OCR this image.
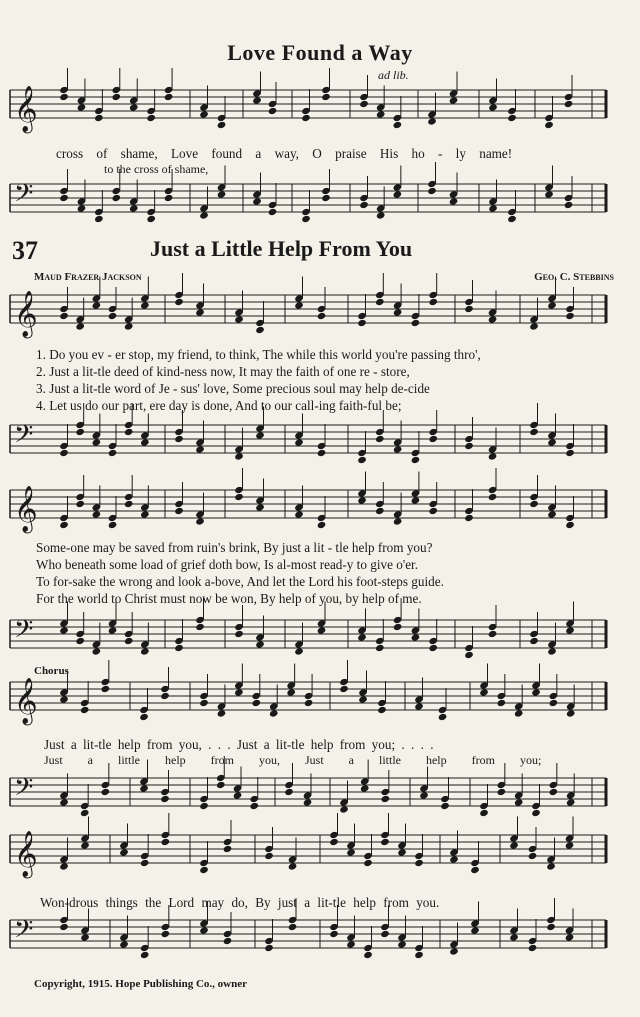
Love Found a Way
ad lib.
cross of shame, Love found a way, O praise His ho - ly name!
to the cross of shame,
37	Just a Little Help From You
Maud Frazer Jackson	Geo. C. Stebbins
1. Do you ev - er stop, my friend, to think, The while this world you're passing thro',
2. Just a lit-tle deed of kind-ness now, It may the faith of one re - store,
3. Just a lit-tle word of Je - sus' love, Some precious soul may help de-cide
4. Let us do our part, ere day is done, And to our call-ing faith-ful be;
Some-one may be saved from ruin's brink, By just a lit - tle help from you?
Who beneath some load of grief doth bow, Is al-most read-y to give o'er.
To for-sake the wrong and look a-bove, And let the Lord his foot-steps guide.
For the world to Christ must now be won, By help of you, by help of me.
Chorus
Just a lit-tle help from you, . . . Just a lit-tle help from you; . . . .
Just a little help from you, Just a little help from you;
Won-drous things the Lord may do, By just a lit-tle help from you.
Copyright, 1915. Hope Publishing Co., owner
𝄞
𝄢
𝄞
𝄢
𝄞
𝄢
𝄞
𝄢
𝄞
𝄢
